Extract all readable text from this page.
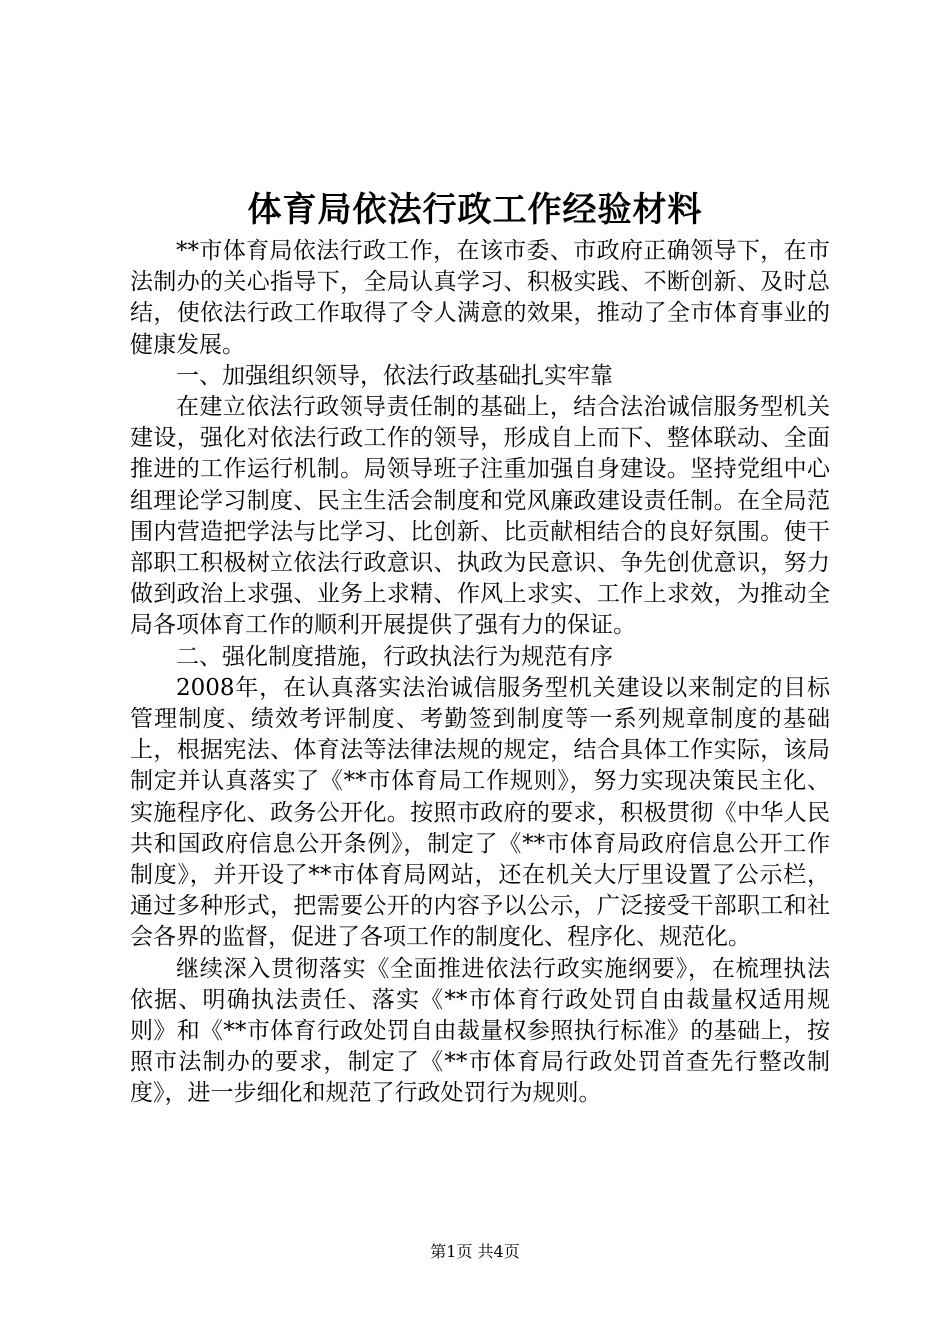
体育局依法行政工作经验材料

**市体育局依法行政工作，在该市委、市政府正确领导下，在市法制办的关心指导下，全局认真学习、积极实践、不断创新、及时总结，使依法行政工作取得了令人满意的效果，推动了全市体育事业的健康发展。

一、加强组织领导，依法行政基础扎实牢靠

在建立依法行政领导责任制的基础上，结合法治诚信服务型机关建设，强化对依法行政工作的领导，形成自上而下、整体联动、全面推进的工作运行机制。局领导班子注重加强自身建设。坚持党组中心组理论学习制度、民主生活会制度和党风廉政建设责任制。在全局范围内营造把学法与比学习、比创新、比贡献相结合的良好氛围。使干部职工积极树立依法行政意识、执政为民意识、争先创优意识，努力做到政治上求强、业务上求精、作风上求实、工作上求效，为推动全局各项体育工作的顺利开展提供了强有力的保证。

二、强化制度措施，行政执法行为规范有序

2008年，在认真落实法治诚信服务型机关建设以来制定的目标管理制度、绩效考评制度、考勤签到制度等一系列规章制度的基础上，根据宪法、体育法等法律法规的规定，结合具体工作实际，该局制定并认真落实了《**市体育局工作规则》，努力实现决策民主化、实施程序化、政务公开化。按照市政府的要求，积极贯彻《中华人民共和国政府信息公开条例》，制定了《**市体育局政府信息公开工作制度》，并开设了**市体育局网站，还在机关大厅里设置了公示栏，通过多种形式，把需要公开的内容予以公示，广泛接受干部职工和社会各界的监督，促进了各项工作的制度化、程序化、规范化。

继续深入贯彻落实《全面推进依法行政实施纲要》，在梳理执法依据、明确执法责任、落实《**市体育行政处罚自由裁量权适用规则》和《**市体育行政处罚自由裁量权参照执行标准》的基础上，按照市法制办的要求，制定了《**市体育局行政处罚首查先行整改制度》，进一步细化和规范了行政处罚行为规则。

第1页 共4页
